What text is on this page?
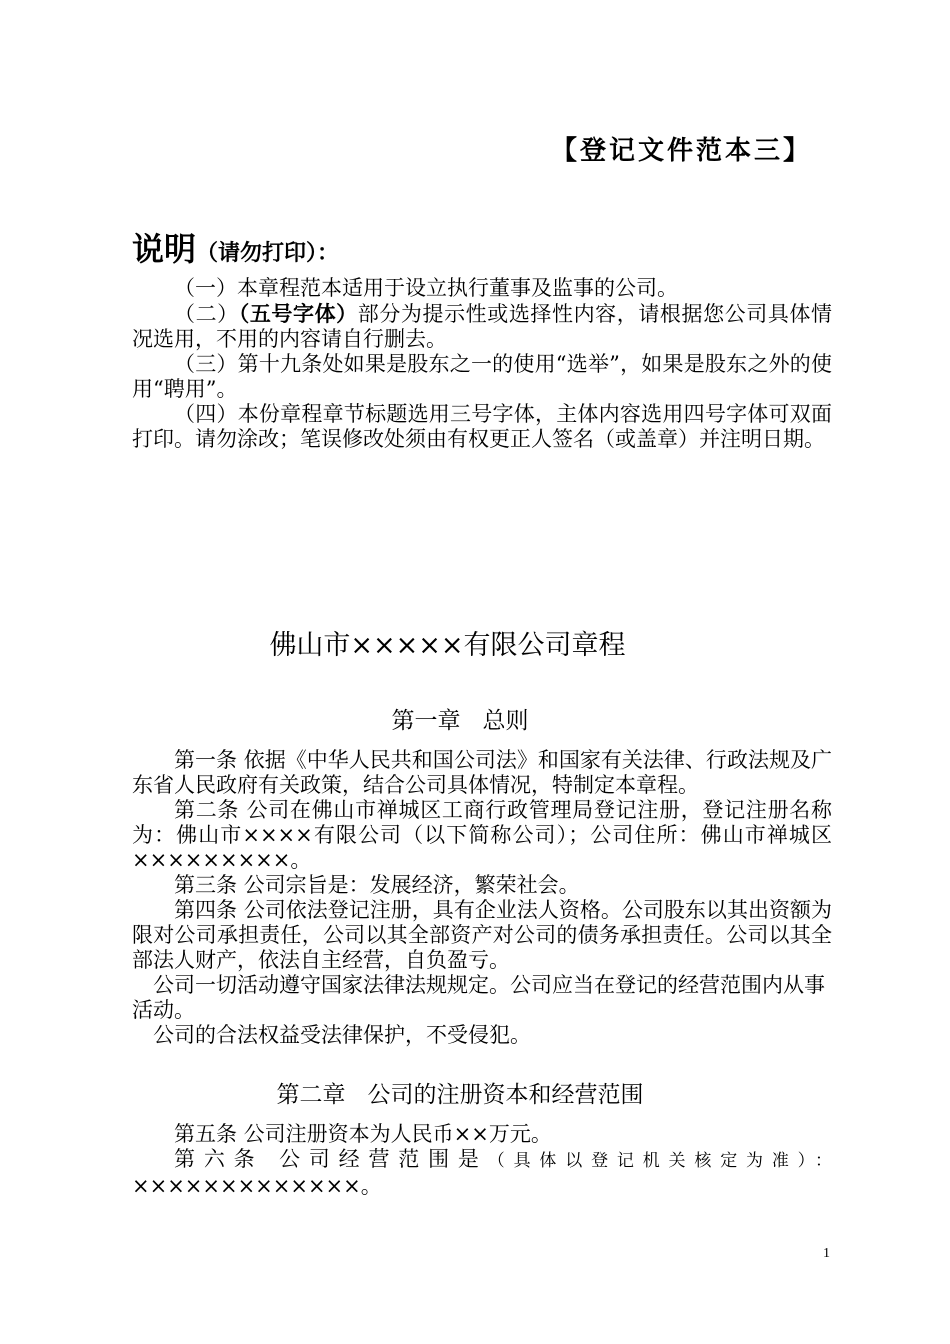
【登记文件范本三】
说明（请勿打印）：

（一）本章程范本适用于设立执行董事及监事的公司。

（二）（五号字体）部分为提示性或选择性内容，请根据您公司具体情况选用，不用的内容请自行删去。

（三）第十九条处如果是股东之一的使用“选举”，如果是股东之外的使用“聘用”。

（四）本份章程章节标题选用三号字体，主体内容选用四号字体可双面打印。请勿涂改；笔误修改处须由有权更正人签名（或盖章）并注明日期。

佛山市×××××有限公司章程
第一章 总则

第一条 依据《中华人民共和国公司法》和国家有关法律、行政法规及广东省人民政府有关政策，结合公司具体情况，特制定本章程。

第二条 公司在佛山市禅城区工商行政管理局登记注册，登记注册名称为：佛山市××××有限公司（以下简称公司）；公司住所：佛山市禅城区×××××××××。

第三条 公司宗旨是：发展经济，繁荣社会。

第四条 公司依法登记注册，具有企业法人资格。公司股东以其出资额为限对公司承担责任，公司以其全部资产对公司的债务承担责任。公司以其全部法人财产，依法自主经营，自负盈亏。

公司一切活动遵守国家法律法规规定。公司应当在登记的经营范围内从事活动。

公司的合法权益受法律保护，不受侵犯。

第二章 公司的注册资本和经营范围

第五条 公司注册资本为人民币××万元。

第六条 公司经营范围是（具体以登记机关核定为准）：×××××××××××××。

1
